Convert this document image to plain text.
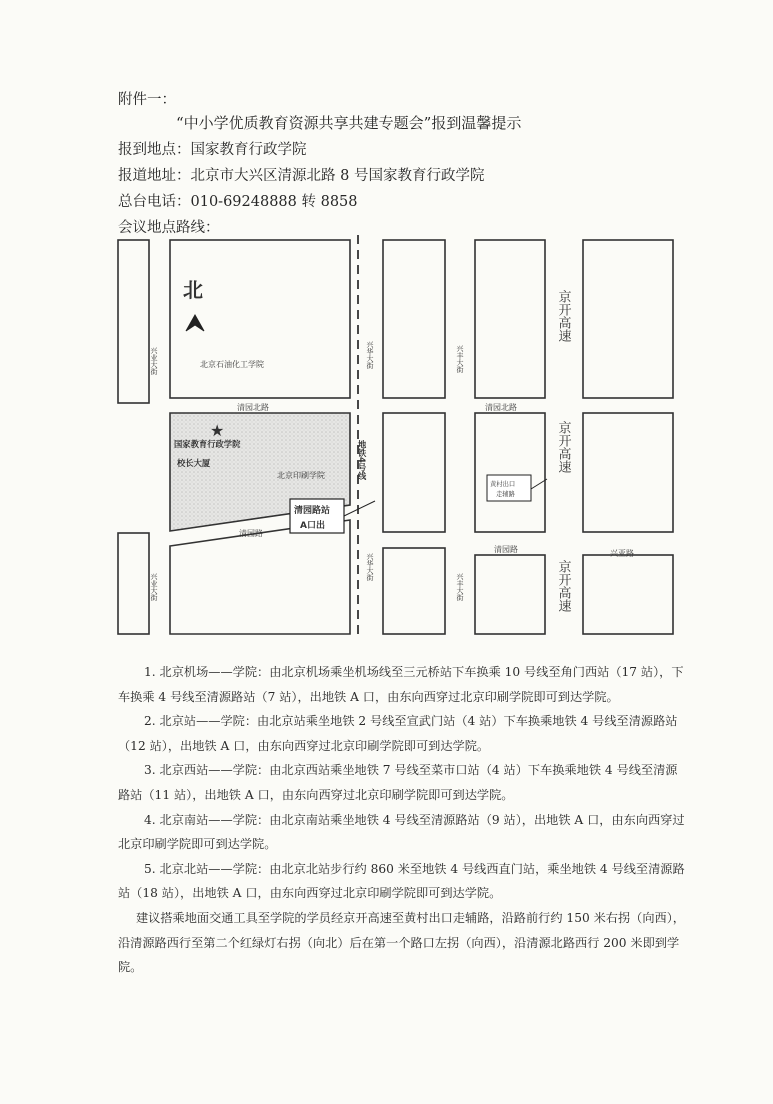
附件一：
“中小学优质教育资源共享共建专题会”报到温馨提示
报到地点：国家教育行政学院
报道地址：北京市大兴区清源北路 8 号国家教育行政学院
总台电话：010-69248888 转 8858
会议地点路线：
北
★
兴业大街
兴业大街
兴华大街
兴华大街
兴丰大街
兴丰大街
地铁4号线
京开高速
京开高速
京开高速
北京石油化工学院
国家教育行政学院
校长大厦
北京印刷学院
清园北路	清园北路
清园路
清园路	兴亚路
清园路站
A口出
黄村出口
走辅路

1. 北京机场——学院：由北京机场乘坐机场线至三元桥站下车换乘 10 号线至角门西站（17 站），下车换乘 4 号线至清源路站（7 站），出地铁 A 口，由东向西穿过北京印刷学院即可到达学院。

2. 北京站——学院：由北京站乘坐地铁 2 号线至宣武门站（4 站）下车换乘地铁 4 号线至清源路站（12 站），出地铁 A 口，由东向西穿过北京印刷学院即可到达学院。

3. 北京西站——学院：由北京西站乘坐地铁 7 号线至菜市口站（4 站）下车换乘地铁 4 号线至清源路站（11 站），出地铁 A 口，由东向西穿过北京印刷学院即可到达学院。

4. 北京南站——学院：由北京南站乘坐地铁 4 号线至清源路站（9 站），出地铁 A 口，由东向西穿过北京印刷学院即可到达学院。

5. 北京北站——学院：由北京北站步行约 860 米至地铁 4 号线西直门站，乘坐地铁 4 号线至清源路站（18 站），出地铁 A 口，由东向西穿过北京印刷学院即可到达学院。

建议搭乘地面交通工具至学院的学员经京开高速至黄村出口走辅路，沿路前行约 150 米右拐（向西），沿清源路西行至第二个红绿灯右拐（向北）后在第一个路口左拐（向西），沿清源北路西行 200 米即到学院。
